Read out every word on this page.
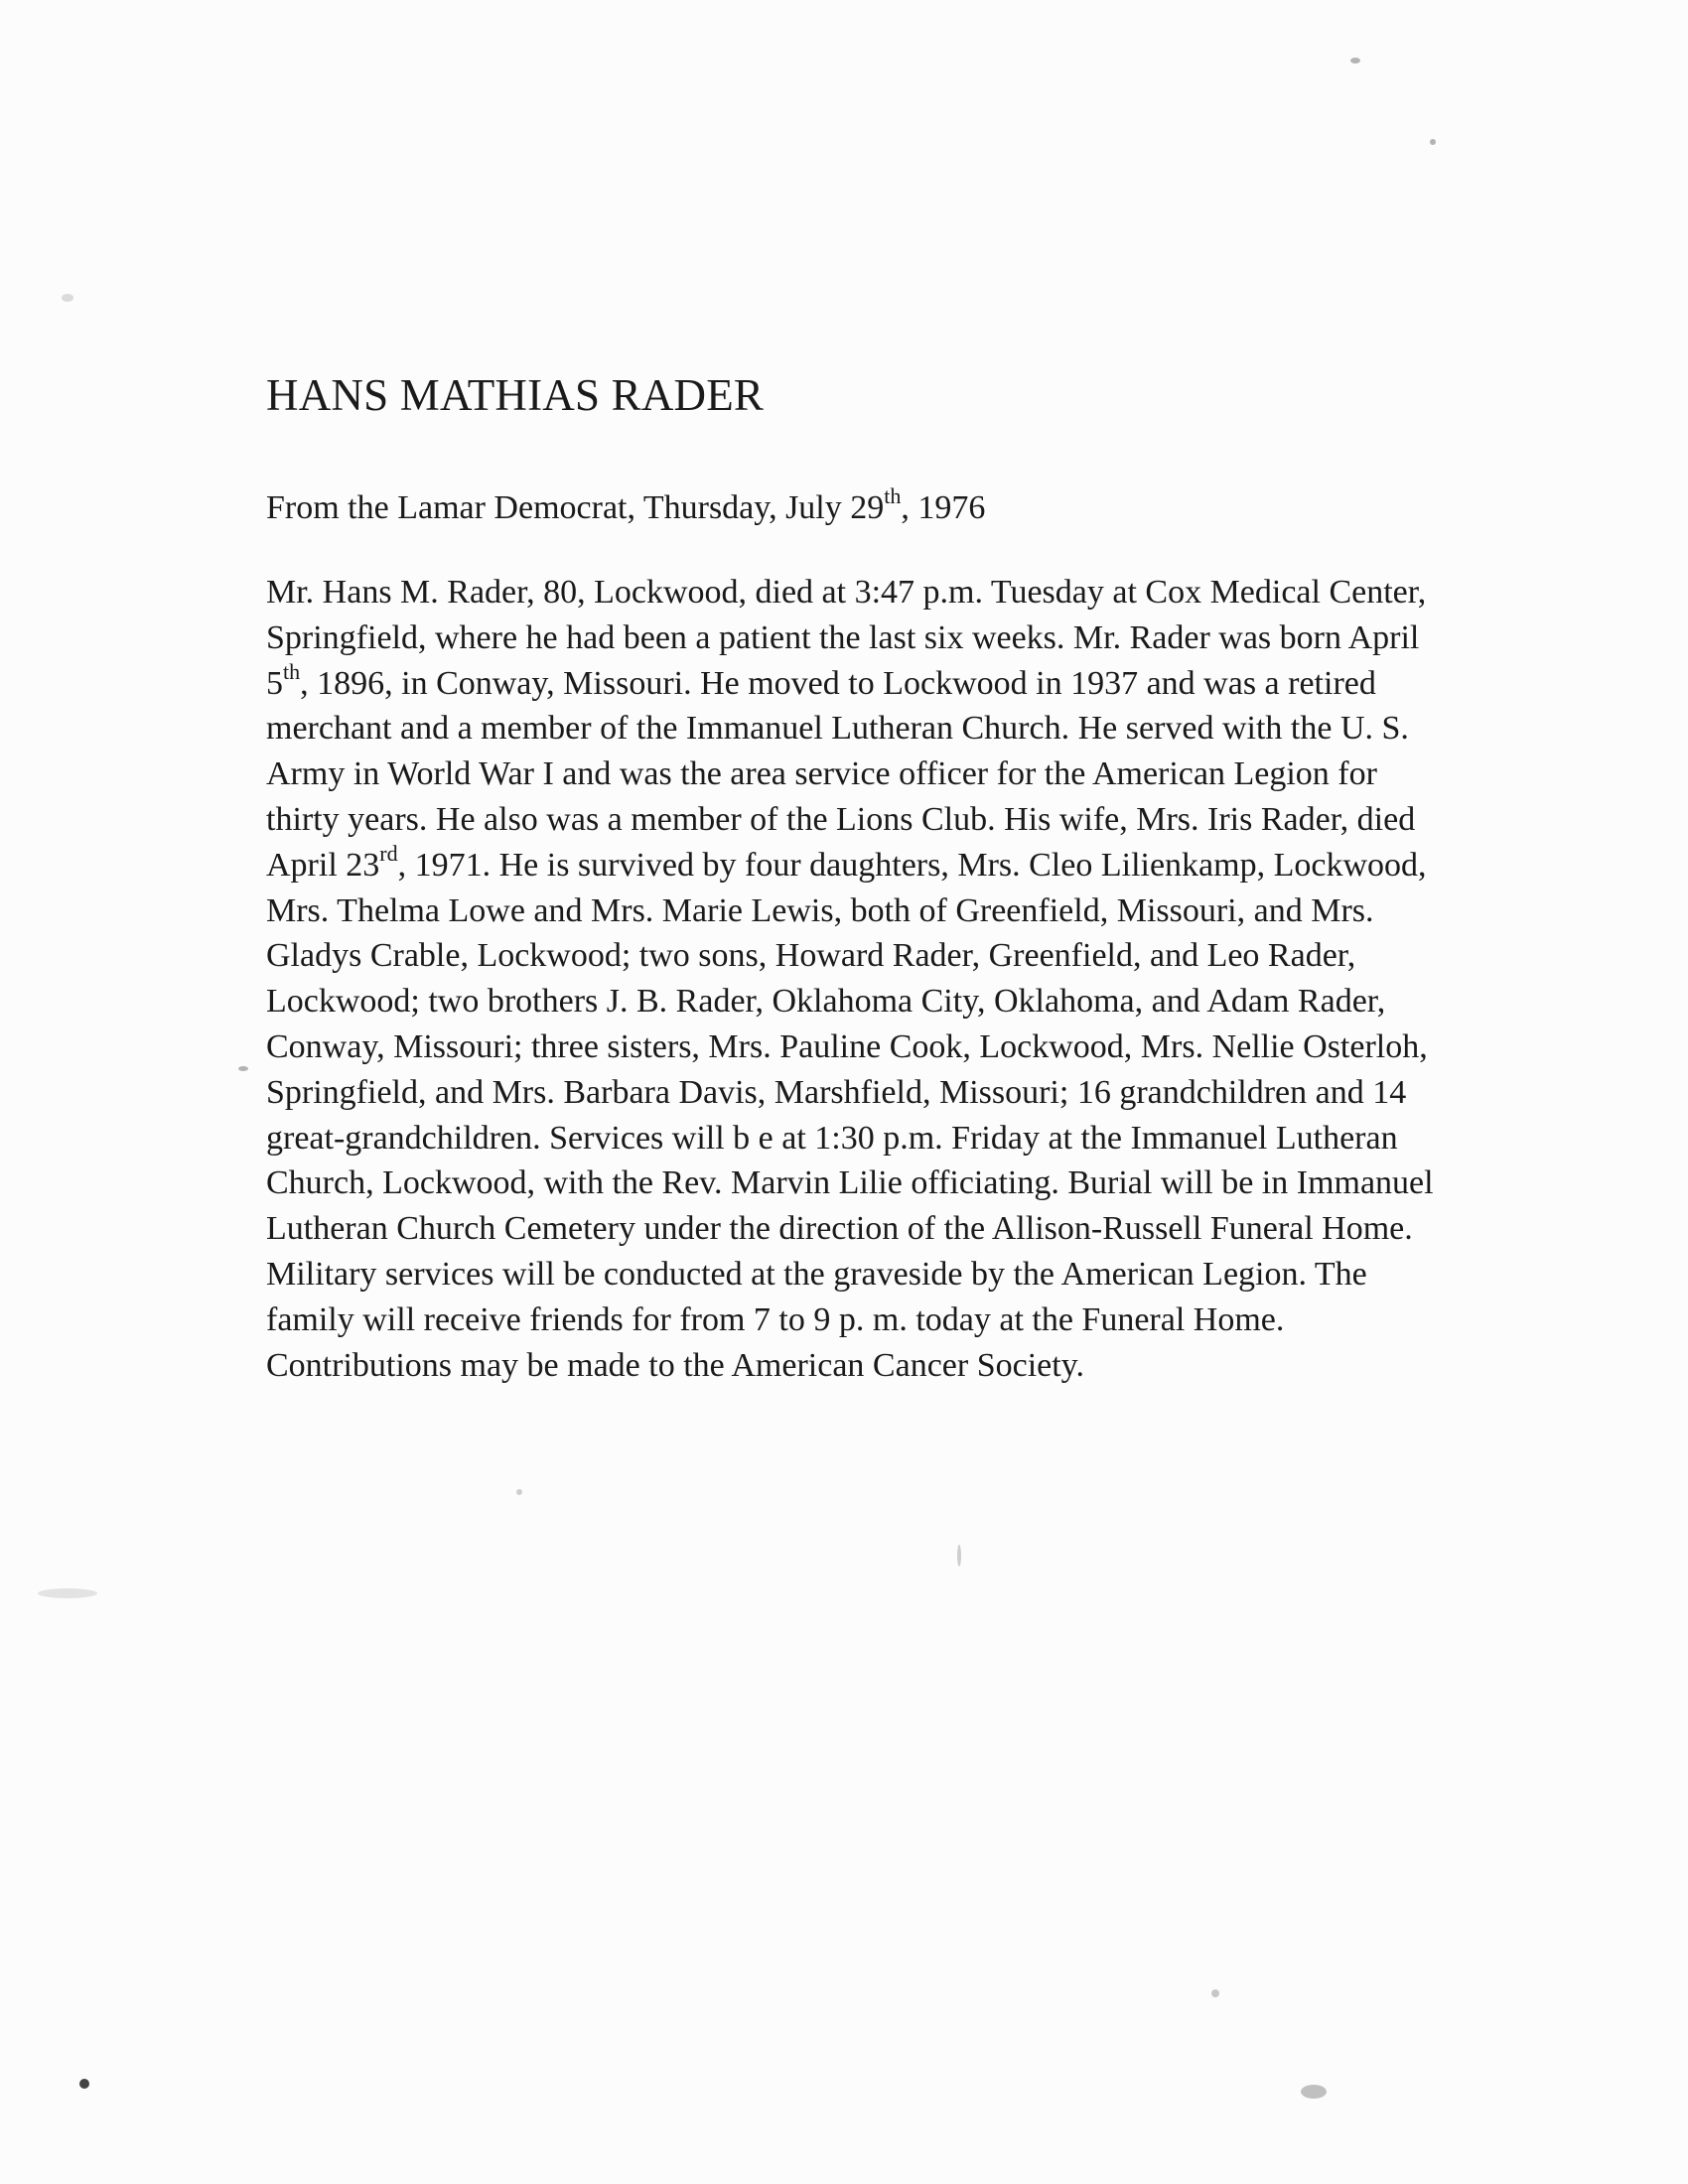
HANS MATHIAS RADER
From the Lamar Democrat, Thursday, July 29th, 1976
Mr. Hans M. Rader, 80, Lockwood, died at 3:47 p.m. Tuesday at Cox Medical Center,
Springfield, where he had been a patient the last six weeks. Mr. Rader was born April
5th, 1896, in Conway, Missouri. He moved to Lockwood in 1937 and was a retired
merchant and a member of the Immanuel Lutheran Church. He served with the U. S.
Army in World War I and was the area service officer for the American Legion for
thirty years. He also was a member of the Lions Club. His wife, Mrs. Iris Rader, died
April 23rd, 1971. He is survived by four daughters, Mrs. Cleo Lilienkamp, Lockwood,
Mrs. Thelma Lowe and Mrs. Marie Lewis, both of Greenfield, Missouri, and Mrs.
Gladys Crable, Lockwood; two sons, Howard Rader, Greenfield, and Leo Rader,
Lockwood; two brothers J. B. Rader, Oklahoma City, Oklahoma, and Adam Rader,
Conway, Missouri; three sisters, Mrs. Pauline Cook, Lockwood, Mrs. Nellie Osterloh,
Springfield, and Mrs. Barbara Davis, Marshfield, Missouri; 16 grandchildren and 14
great-grandchildren. Services will b e at 1:30 p.m. Friday at the Immanuel Lutheran
Church, Lockwood, with the Rev. Marvin Lilie officiating. Burial will be in Immanuel
Lutheran Church Cemetery under the direction of the Allison-Russell Funeral Home.
Military services will be conducted at the graveside by the American Legion. The
family will receive friends for from 7 to 9 p. m. today at the Funeral Home.
Contributions may be made to the American Cancer Society.
